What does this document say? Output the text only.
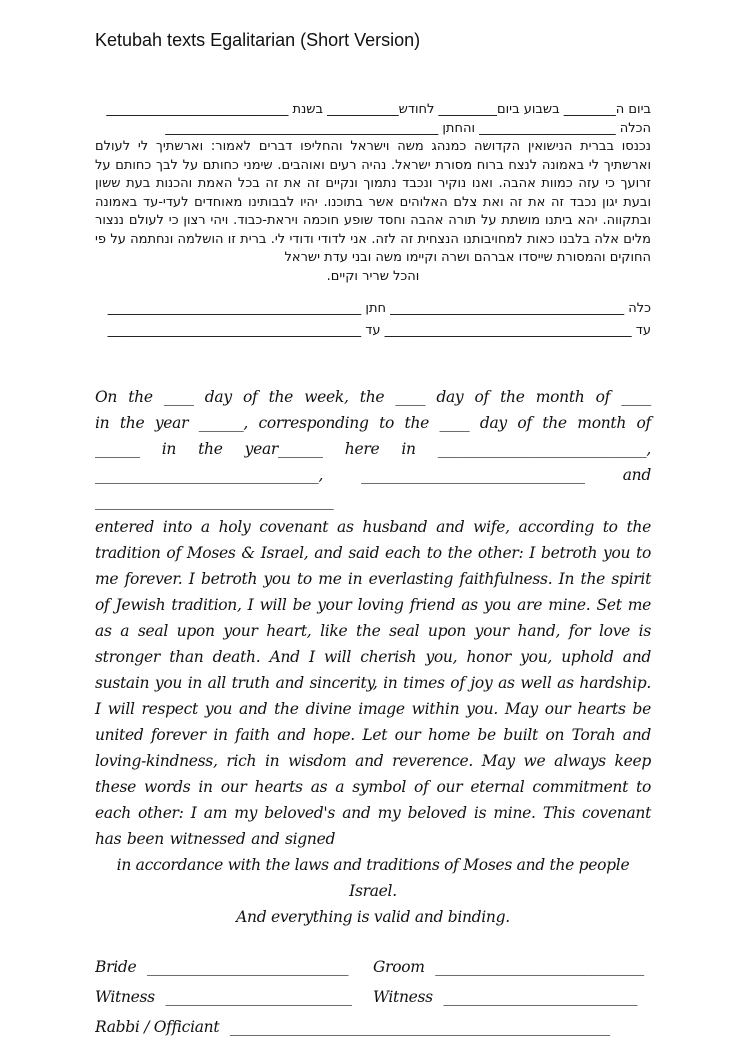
Ketubah texts Egalitarian (Short Version)

ביום ה________ בשבוע ביום_________ לחודש___________ בשנת ____________________________

הכלה _____________________ והחתן __________________________________________

נכנסו בברית הנישואין הקדושה כמנהג משה וישראל והחליפו דברים לאמור: וארשתיך לי לעולם וארשתיך לי באמונה לנצח ברוח מסורת ישראל. נהיה רעים ואוהבים. שימני כחותם על לבך כחותם על זרועך כי עזה כמוות אהבה. ואנו נוקיר ונכבד נתמוך ונקיים זה את זה בכל האמת והכנות בעת ששון ובעת יגון נכבד זה את זה ואת צלם האלוהים אשר בתוכנו. יהיו לבבותינו מאוחדים לעדי-עד באמונה ובתקווה. יהא ביתנו מושתת על תורה אהבה וחסד שופע חוכמה ויראת-כבוד. ויהי רצון כי לעולם ננצור מלים אלה בלבנו כאות למחויבותנו הנצחית זה לזה. אני לדודי ודודי לי. ברית זו הושלמה ונחתמה על פי החוקים והמסורת שייסדו אברהם ושרה וקיימו משה ובני עדת ישראל

והכל שריר וקיים.

כלה ____________________________________ חתן _______________________________________

עד ______________________________________ עד _______________________________________

On the ____ day of the week, the ____ day of the month of ____ in the year ______, corresponding to the ____ day of the month of ______ in the year______ here in ____________________________, ______________________________, ______________________________ and ________________________________

entered into a holy covenant as husband and wife, according to the tradition of Moses & Israel, and said each to the other: I betroth you to me forever. I betroth you to me in everlasting faithfulness. In the spirit of Jewish tradition, I will be your loving friend as you are mine. Set me as a seal upon your heart, like the seal upon your hand, for love is stronger than death. And I will cherish you, honor you, uphold and sustain you in all truth and sincerity, in times of joy as well as hardship. I will respect you and the divine image within you. May our hearts be united forever in faith and hope. Let our home be built on Torah and loving-kindness, rich in wisdom and reverence. May we always keep these words in our hearts as a symbol of our eternal commitment to each other: I am my beloved's and my beloved is mine. This covenant has been witnessed and signed

in accordance with the laws and traditions of Moses and the people Israel.

And everything is valid and binding.

Bride ___________________________	Groom ____________________________
Witness _________________________	Witness __________________________
Rabbi / Officiant ___________________________________________________
